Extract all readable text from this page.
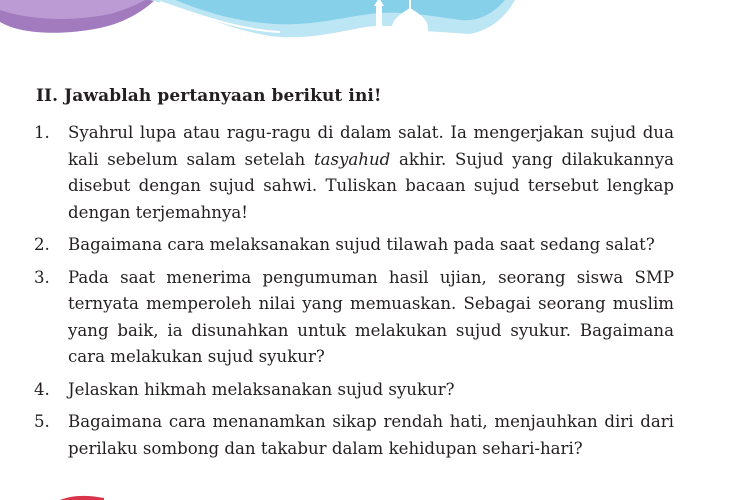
II. Jawablah pertanyaan berikut ini!
1. Syahrul lupa atau ragu-ragu di dalam salat. Ia mengerjakan sujud dua kali sebelum salam setelah tasyahud akhir. Sujud yang dilakukannya disebut dengan sujud sahwi. Tuliskan bacaan sujud tersebut lengkap dengan terjemahnya!
2. Bagaimana cara melaksanakan sujud tilawah pada saat sedang salat?
3. Pada saat menerima pengumuman hasil ujian, seorang siswa SMP ternyata memperoleh nilai yang memuaskan. Sebagai seorang muslim yang baik, ia disunahkan untuk melakukan sujud syukur. Bagaimana cara melakukan sujud syukur?
4. Jelaskan hikmah melaksanakan sujud syukur?
5. Bagaimana cara menanamkan sikap rendah hati, menjauhkan diri dari perilaku sombong dan takabur dalam kehidupan sehari-hari?
